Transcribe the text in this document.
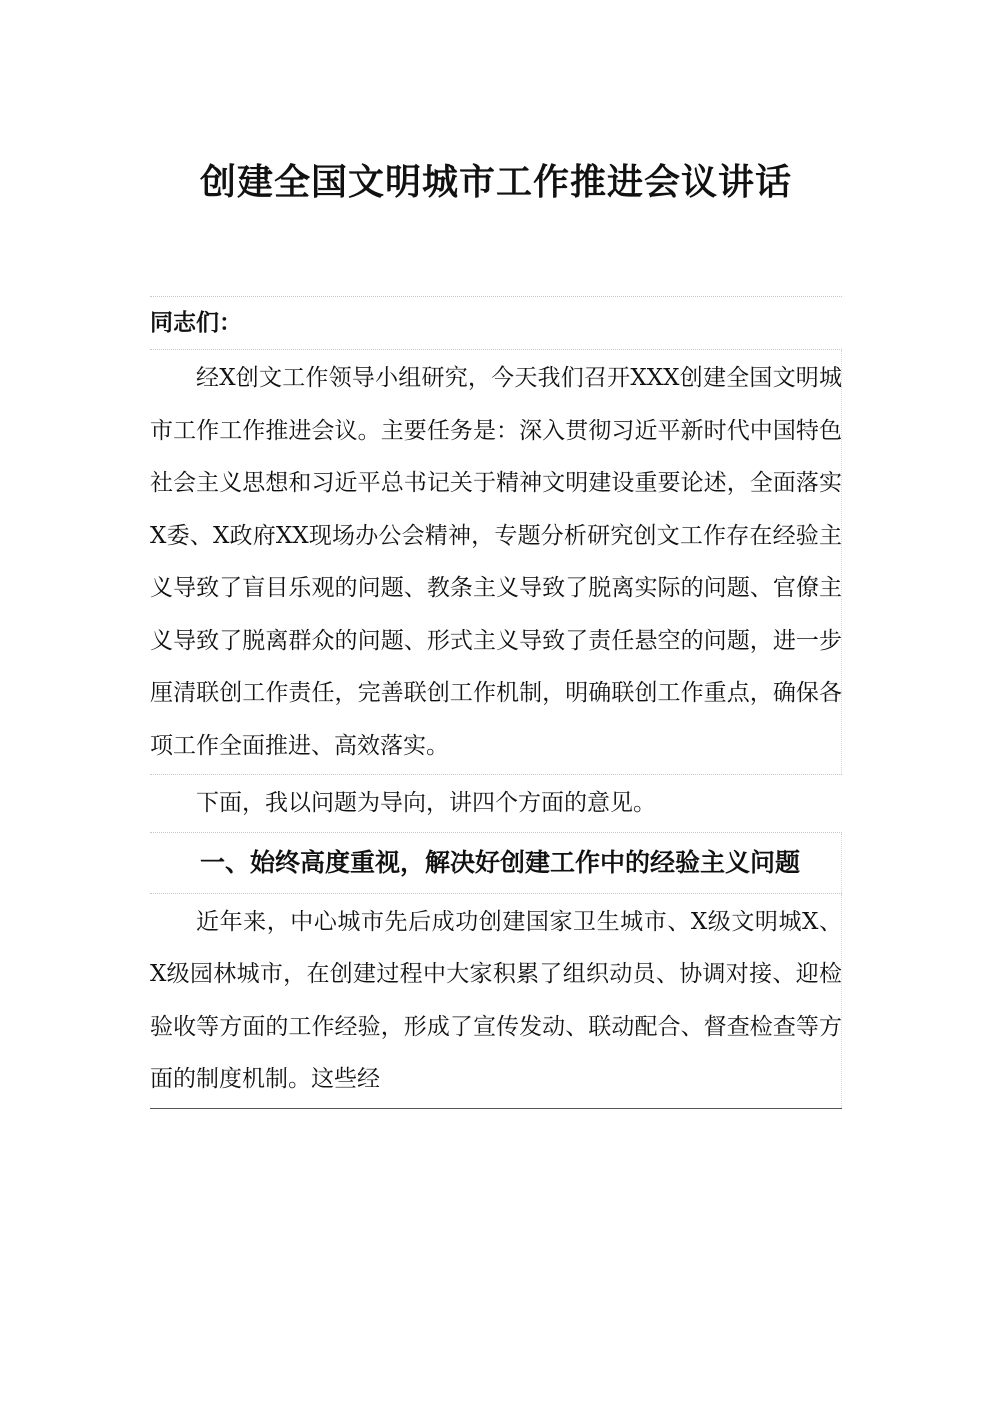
创建全国文明城市工作推进会议讲话
同志们：
经X创文工作领导小组研究，今天我们召开XXX创建全国文明城市工作工作推进会议。主要任务是：深入贯彻习近平新时代中国特色社会主义思想和习近平总书记关于精神文明建设重要论述，全面落实X委、X政府XX现场办公会精神，专题分析研究创文工作存在经验主义导致了盲目乐观的问题、教条主义导致了脱离实际的问题、官僚主义导致了脱离群众的问题、形式主义导致了责任悬空的问题，进一步厘清联创工作责任，完善联创工作机制，明确联创工作重点，确保各项工作全面推进、高效落实。
下面，我以问题为导向，讲四个方面的意见。
一、始终高度重视，解决好创建工作中的经验主义问题
近年来，中心城市先后成功创建国家卫生城市、X级文明城X、X级园林城市，在创建过程中大家积累了组织动员、协调对接、迎检验收等方面的工作经验，形成了宣传发动、联动配合、督查检查等方面的制度机制。这些经
